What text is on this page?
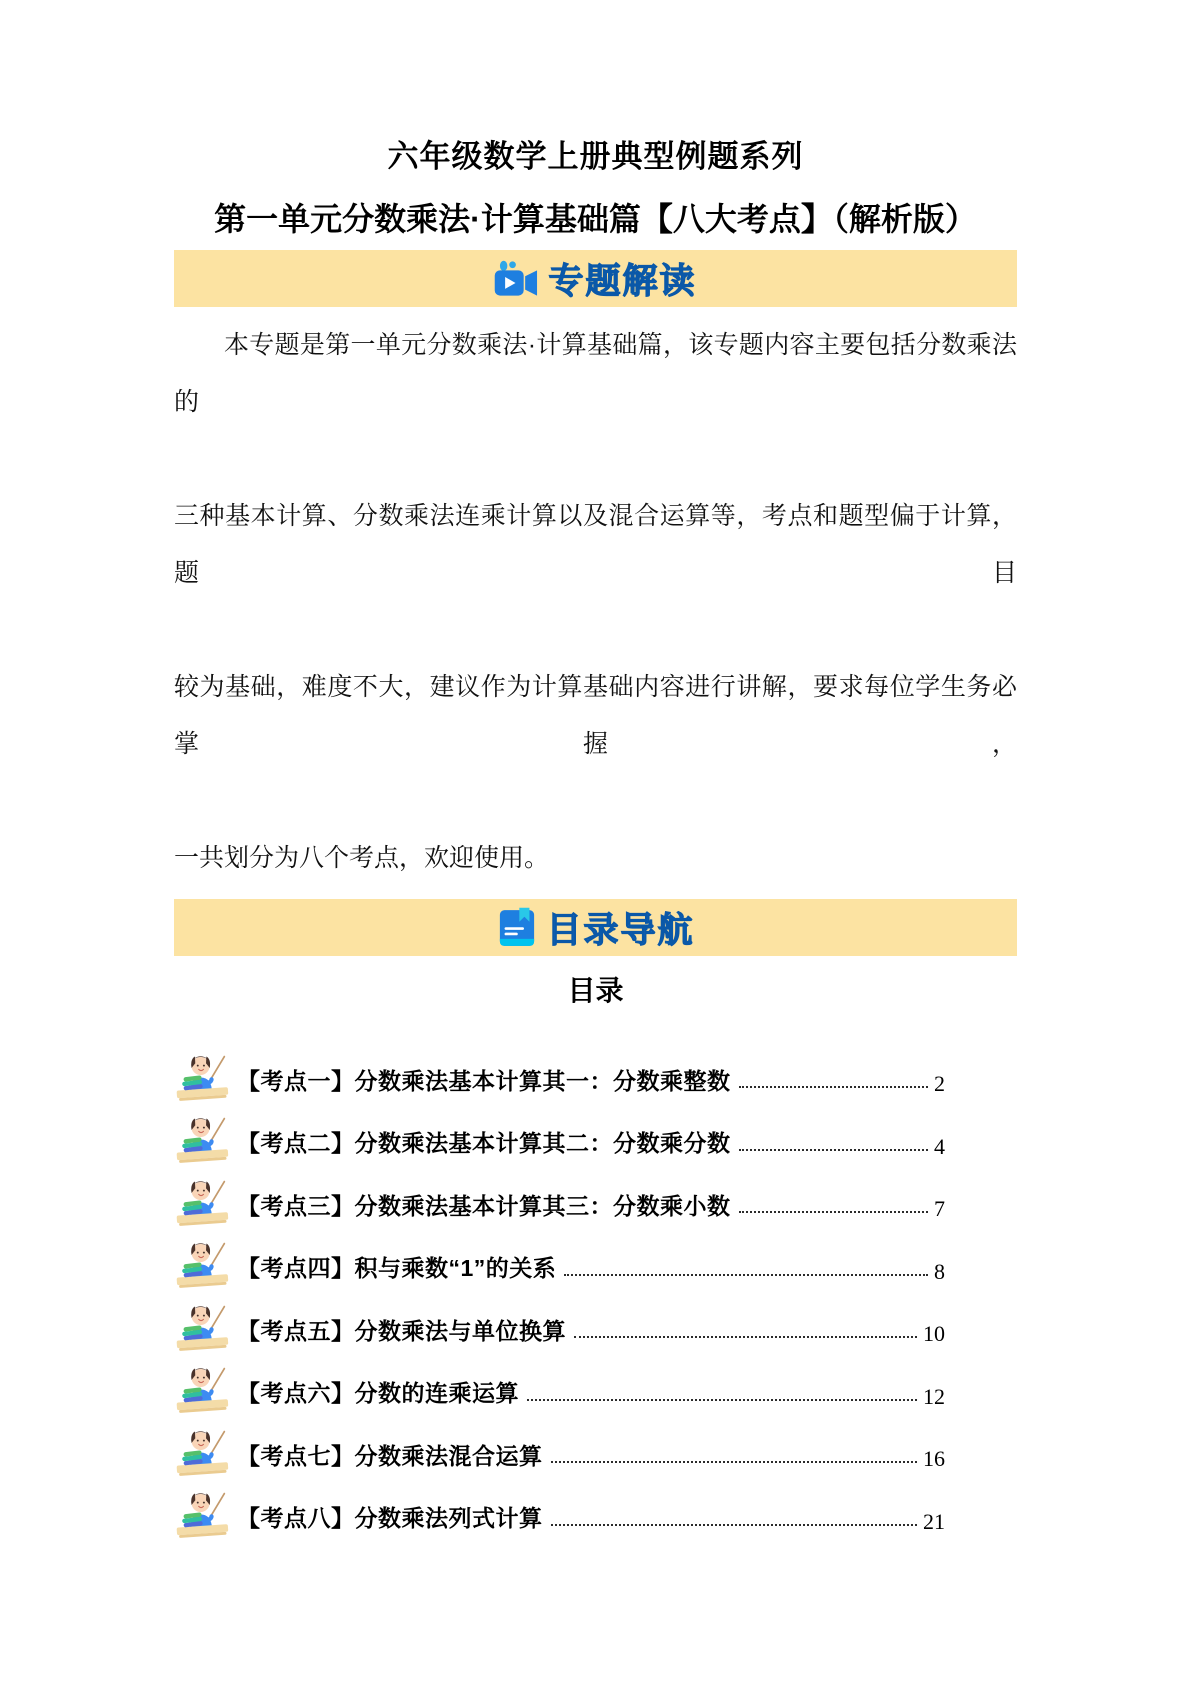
六年级数学上册典型例题系列
第一单元分数乘法·计算基础篇【八大考点】（解析版）
专题解读
本专题是第一单元分数乘法·计算基础篇，该专题内容主要包括分数乘法的
三种基本计算、分数乘法连乘计算以及混合运算等，考点和题型偏于计算，题目
较为基础，难度不大，建议作为计算基础内容进行讲解，要求每位学生务必掌握，
一共划分为八个考点，欢迎使用。
目录导航
目录
【考点一】分数乘法基本计算其一：分数乘整数	2
【考点二】分数乘法基本计算其二：分数乘分数	4
【考点三】分数乘法基本计算其三：分数乘小数	7
【考点四】积与乘数“1”的关系	8
【考点五】分数乘法与单位换算	10
【考点六】分数的连乘运算	12
【考点七】分数乘法混合运算	16
【考点八】分数乘法列式计算	21
